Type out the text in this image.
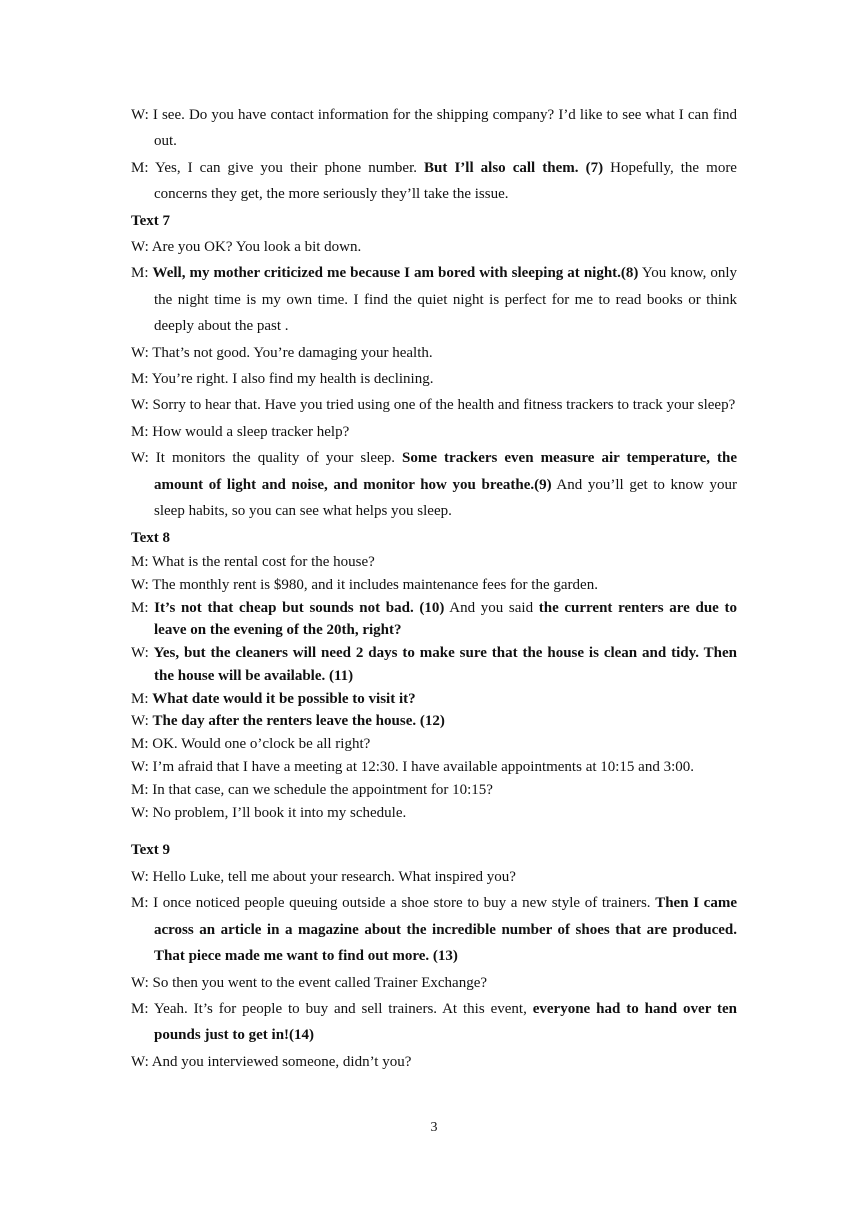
W: I see. Do you have contact information for the shipping company? I’d like to see what I can find out.

M: Yes, I can give you their phone number. But I’ll also call them. (7) Hopefully, the more concerns they get, the more seriously they’ll take the issue.

Text 7

W: Are you OK? You look a bit down.

M: Well, my mother criticized me because I am bored with sleeping at night.(8) You know, only the night time is my own time. I find the quiet night is perfect for me to read books or think deeply about the past .

W: That’s not good. You’re damaging your health.

M: You’re right. I also find my health is declining.

W: Sorry to hear that. Have you tried using one of the health and fitness trackers to track your sleep?

M: How would a sleep tracker help?

W: It monitors the quality of your sleep. Some trackers even measure air temperature, the amount of light and noise, and monitor how you breathe.(9) And you’ll get to know your sleep habits, so you can see what helps you sleep.

Text 8

M: What is the rental cost for the house?

W: The monthly rent is $980, and it includes maintenance fees for the garden.

M: It’s not that cheap but sounds not bad. (10) And you said the current renters are due to leave on the evening of the 20th, right?

W: Yes, but the cleaners will need 2 days to make sure that the house is clean and tidy. Then the house will be available. (11)

M: What date would it be possible to visit it?

W: The day after the renters leave the house. (12)

M: OK. Would one o’clock be all right?

W: I’m afraid that I have a meeting at 12:30. I have available appointments at 10:15 and 3:00.

M: In that case, can we schedule the appointment for 10:15?

W: No problem, I’ll book it into my schedule.

Text 9

W: Hello Luke, tell me about your research. What inspired you?

M: I once noticed people queuing outside a shoe store to buy a new style of trainers. Then I came across an article in a magazine about the incredible number of shoes that are produced. That piece made me want to find out more. (13)

W: So then you went to the event called Trainer Exchange?

M: Yeah. It’s for people to buy and sell trainers. At this event, everyone had to hand over ten pounds just to get in!(14)

W: And you interviewed someone, didn’t you?

3
